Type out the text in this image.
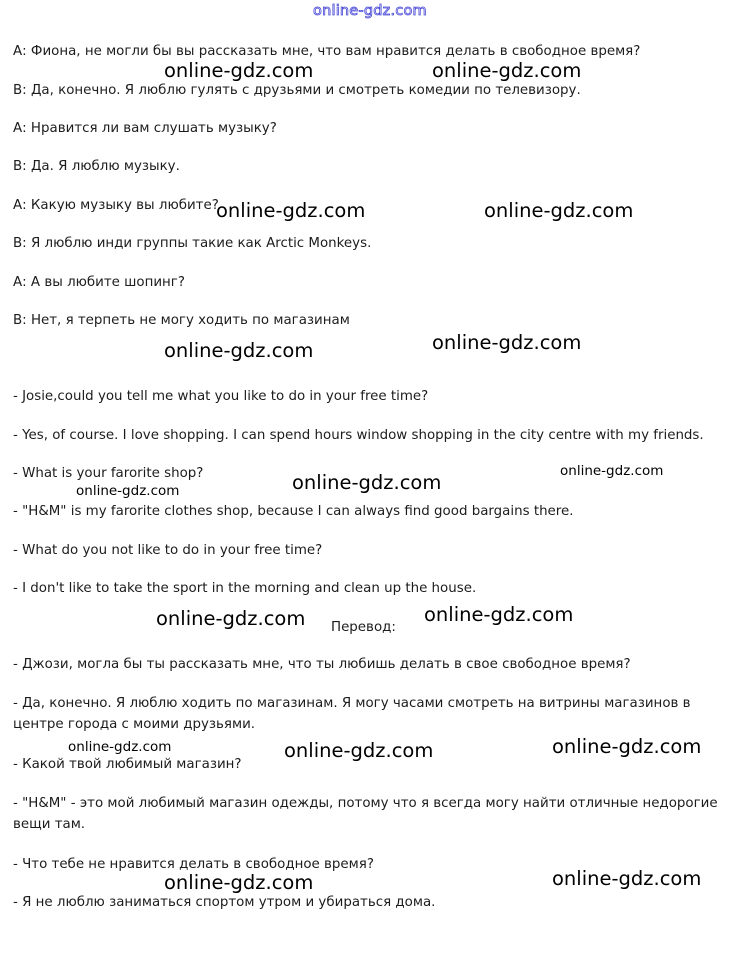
online-gdz.com
А: Фиона, не могли бы вы рассказать мне, что вам нравится делать в свободное время?
В: Да, конечно. Я люблю гулять с друзьями и смотреть комедии по телевизору.
А: Нравится ли вам слушать музыку?
В: Да. Я люблю музыку.
А: Какую музыку вы любите?
В: Я люблю инди группы такие как Arctic Monkeys.
А: А вы любите шопинг?
В: Нет, я терпеть не могу ходить по магазинам
- Josie,could you tell me what you like to do in your free time?
- Yes, of course. I love shopping. I can spend hours window shopping in the city centre with my friends.
- What is your farorite shop?
- "H&M" is my farorite clothes shop, because I can always find good bargains there.
- What do you not like to do in your free time?
- I don't like to take the sport in the morning and clean up the house.
Перевод:
- Джози, могла бы ты рассказать мне, что ты любишь делать в свое свободное время?
- Да, конечно. Я люблю ходить по магазинам. Я могу часами смотреть на витрины магазинов в центре города с моими друзьями.
- Какой твой любимый магазин?
- "H&M" - это мой любимый магазин одежды, потому что я всегда могу найти отличные недорогие вещи там.
- Что тебе не нравится делать в свободное время?
- Я не люблю заниматься спортом утром и убираться дома.
online-gdz.com	online-gdz.com
online-gdz.com	online-gdz.com
online-gdz.com	online-gdz.com
online-gdz.com	online-gdz.com
online-gdz.com
online-gdz.com	online-gdz.com
online-gdz.com	online-gdz.com	online-gdz.com
online-gdz.com	online-gdz.com
